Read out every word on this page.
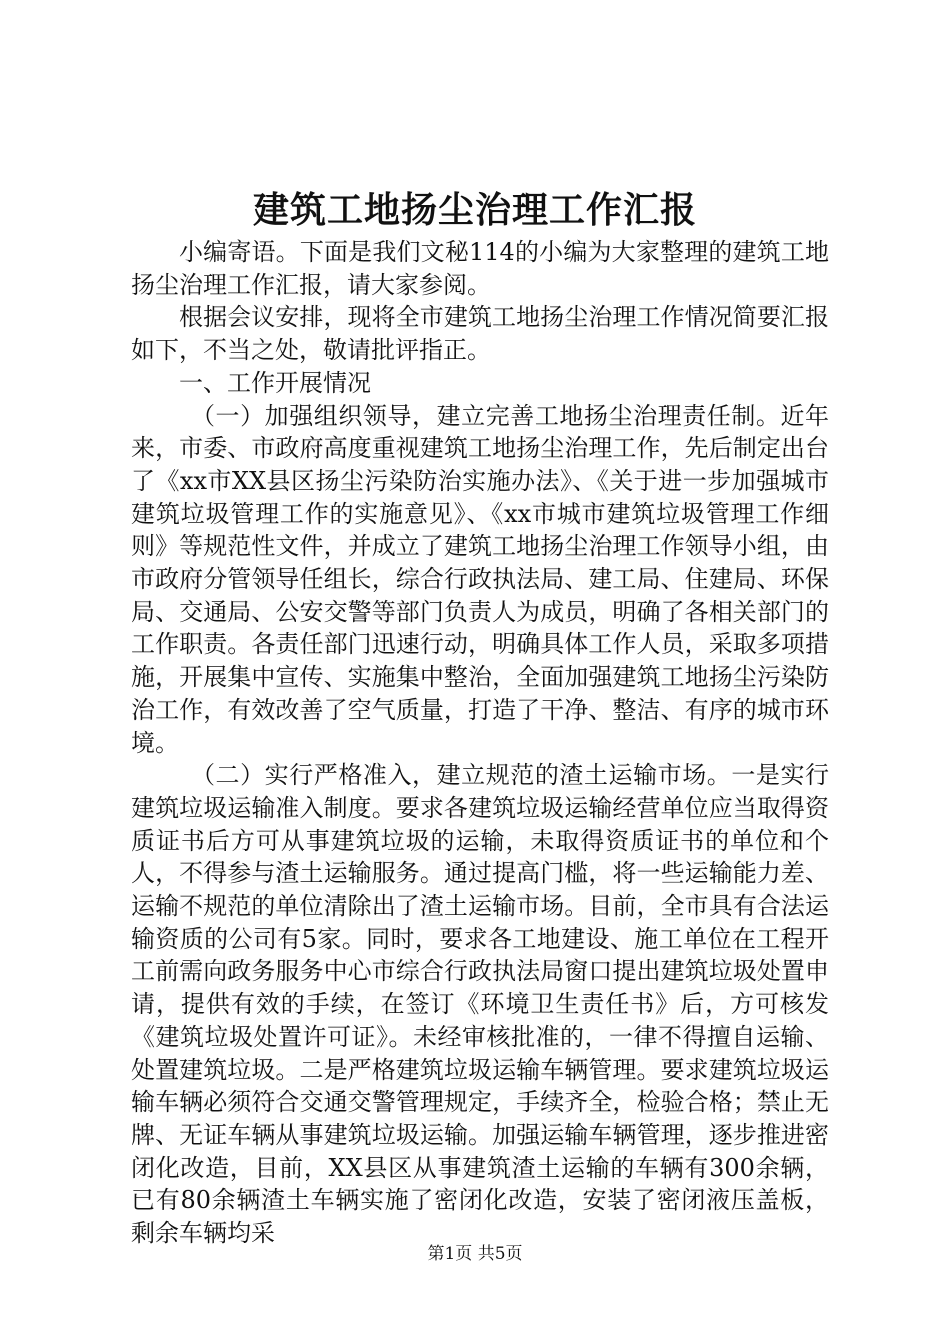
建筑工地扬尘治理工作汇报

小编寄语。下面是我们文秘114的小编为大家整理的建筑工地扬尘治理工作汇报，请大家参阅。

根据会议安排，现将全市建筑工地扬尘治理工作情况简要汇报如下，不当之处，敬请批评指正。

一、工作开展情况

（一）加强组织领导，建立完善工地扬尘治理责任制。近年来，市委、市政府高度重视建筑工地扬尘治理工作，先后制定出台了《xx市XX县区扬尘污染防治实施办法》、《关于进一步加强城市建筑垃圾管理工作的实施意见》、《xx市城市建筑垃圾管理工作细则》等规范性文件，并成立了建筑工地扬尘治理工作领导小组，由市政府分管领导任组长，综合行政执法局、建工局、住建局、环保局、交通局、公安交警等部门负责人为成员，明确了各相关部门的工作职责。各责任部门迅速行动，明确具体工作人员，采取多项措施，开展集中宣传、实施集中整治，全面加强建筑工地扬尘污染防治工作，有效改善了空气质量，打造了干净、整洁、有序的城市环境。

（二）实行严格准入，建立规范的渣土运输市场。一是实行建筑垃圾运输准入制度。要求各建筑垃圾运输经营单位应当取得资质证书后方可从事建筑垃圾的运输，未取得资质证书的单位和个人，不得参与渣土运输服务。通过提高门槛，将一些运输能力差、运输不规范的单位清除出了渣土运输市场。目前，全市具有合法运输资质的公司有5家。同时，要求各工地建设、施工单位在工程开工前需向政务服务中心市综合行政执法局窗口提出建筑垃圾处置申请，提供有效的手续，在签订《环境卫生责任书》后，方可核发《建筑垃圾处置许可证》。未经审核批准的，一律不得擅自运输、处置建筑垃圾。二是严格建筑垃圾运输车辆管理。要求建筑垃圾运输车辆必须符合交通交警管理规定，手续齐全，检验合格；禁止无牌、无证车辆从事建筑垃圾运输。加强运输车辆管理，逐步推进密闭化改造，目前，XX县区从事建筑渣土运输的车辆有300余辆，已有80余辆渣土车辆实施了密闭化改造，安装了密闭液压盖板，剩余车辆均采

第1页 共5页
